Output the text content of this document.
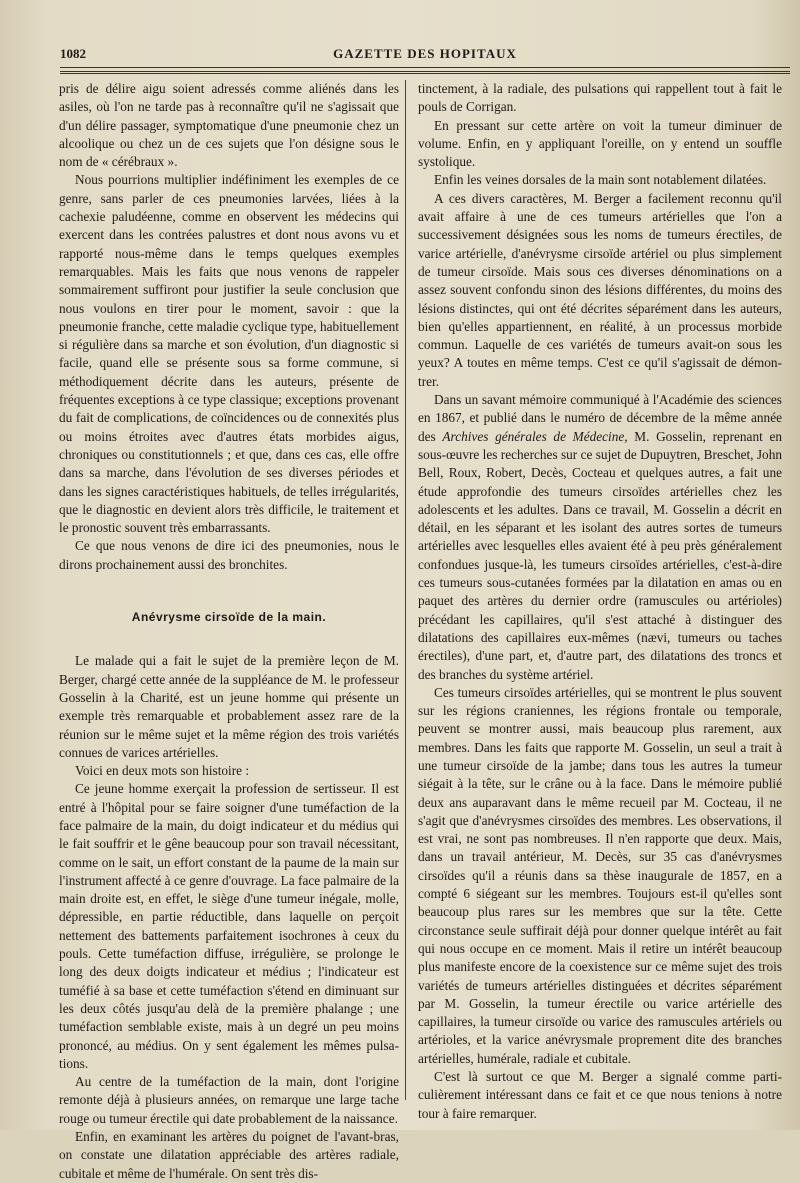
1082	GAZETTE DES HOPITAUX

pris de délire aigu soient adressés comme aliénés dans les asiles, où l'on ne tarde pas à reconnaître qu'il ne s'agissait que d'un délire passager, symptomatique d'une pneumonie chez un alcoolique ou chez un de ces sujets que l'on désigne sous le nom de « cérébraux ».

Nous pourrions multiplier indéfiniment les exemples de ce genre, sans parler de ces pneumonies larvées, liées à la cachexie paludéenne, comme en observent les médecins qui exercent dans les contrées palustres et dont nous avons vu et rapporté nous-même dans le temps quelques exemples remarquables. Mais les faits que nous venons de rappeler sommairement suffiront pour justifier la seule conclusion que nous voulons en tirer pour le moment, savoir : que la pneumonie franche, cette maladie cyclique type, habituellement si régulière dans sa marche et son évolution, d'un diagnostic si facile, quand elle se présente sous sa forme commune, si méthodiquement décrite dans les auteurs, présente de fréquentes exceptions à ce type classique; exceptions provenant du fait de complications, de coïncidences ou de connexités plus ou moins étroites avec d'autres états morbides aigus, chroniques ou constitutionnels ; et que, dans ces cas, elle offre dans sa marche, dans l'évolution de ses diverses périodes et dans les signes caractéristiques habituels, de telles irrégularités, que le diagnostic en devient alors très difficile, le traitement et le pronostic souvent très embarrassants.

Ce que nous venons de dire ici des pneumonies, nous le dirons prochainement aussi des bronchites.

Anévrysme cirsoïde de la main.

Le malade qui a fait le sujet de la première leçon de M. Berger, chargé cette année de la suppléance de M. le professeur Gosselin à la Charité, est un jeune homme qui présente un exemple très remarquable et probablement assez rare de la réunion sur le même sujet et la même région des trois variétés connues de varices artérielles.

Voici en deux mots son histoire :

Ce jeune homme exerçait la profession de sertisseur. Il est entré à l'hôpital pour se faire soigner d'une tuméfaction de la face palmaire de la main, du doigt indicateur et du médius qui le fait souffrir et le gêne beaucoup pour son travail nécessitant, comme on le sait, un effort constant de la paume de la main sur l'instrument affecté à ce genre d'ouvrage. La face palmaire de la main droite est, en effet, le siège d'une tumeur inégale, molle, dépressible, en partie réductible, dans laquelle on perçoit nettement des battements parfaitement isochrones à ceux du pouls. Cette tuméfaction diffuse, irrégulière, se prolonge le long des deux doigts indicateur et médius ; l'indicateur est tuméfié à sa base et cette tuméfaction s'étend en diminuant sur les deux côtés jusqu'au delà de la première phalange ; une tuméfaction semblable existe, mais à un degré un peu moins prononcé, au médius. On y sent également les mêmes pulsations.

Au centre de la tuméfaction de la main, dont l'origine remonte déjà à plusieurs années, on remarque une large tache rouge ou tumeur érectile qui date probablement de la naissance.

Enfin, en examinant les artères du poignet de l'avant-bras, on constate une dilatation appréciable des artères radiale, cubitale et même de l'humérale. On sent très dis-

tinctement, à la radiale, des pulsations qui rappellent tout à fait le pouls de Corrigan.

En pressant sur cette artère on voit la tumeur diminuer de volume. Enfin, en y appliquant l'oreille, on y entend un souffle systolique.

Enfin les veines dorsales de la main sont notablement dilatées.

A ces divers caractères, M. Berger a facilement reconnu qu'il avait affaire à une de ces tumeurs artérielles que l'on a successivement désignées sous les noms de tumeurs érectiles, de varice artérielle, d'anévrysme cirsoïde artériel ou plus simplement de tumeur cirsoïde. Mais sous ces diverses dénominations on a assez souvent confondu sinon des lésions différentes, du moins des lésions distinctes, qui ont été décrites séparément dans les auteurs, bien qu'elles appartiennent, en réalité, à un processus morbide commun. Laquelle de ces variétés de tumeurs avait-on sous les yeux? A toutes en même temps. C'est ce qu'il s'agissait de démontrer.

Dans un savant mémoire communiqué à l'Académie des sciences en 1867, et publié dans le numéro de décembre de la même année des Archives générales de Médecine, M. Gosselin, reprenant en sous-œuvre les recherches sur ce sujet de Dupuytren, Breschet, John Bell, Roux, Robert, Decès, Cocteau et quelques autres, a fait une étude approfondie des tumeurs cirsoïdes artérielles chez les adolescents et les adultes. Dans ce travail, M. Gosselin a décrit en détail, en les séparant et les isolant des autres sortes de tumeurs artérielles avec lesquelles elles avaient été à peu près généralement confondues jusque-là, les tumeurs cirsoïdes artérielles, c'est-à-dire ces tumeurs sous-cutanées formées par la dilatation en amas ou en paquet des artères du dernier ordre (ramuscules ou artérioles) précédant les capillaires, qu'il s'est attaché à distinguer des dilatations des capillaires eux-mêmes (nævi, tumeurs ou taches érectiles), d'une part, et, d'autre part, des dilatations des troncs et des branches du système artériel.

Ces tumeurs cirsoïdes artérielles, qui se montrent le plus souvent sur les régions craniennes, les régions frontale ou temporale, peuvent se montrer aussi, mais beaucoup plus rarement, aux membres. Dans les faits que rapporte M. Gosselin, un seul a trait à une tumeur cirsoïde de la jambe; dans tous les autres la tumeur siégait à la tête, sur le crâne ou à la face. Dans le mémoire publié deux ans auparavant dans le même recueil par M. Cocteau, il ne s'agit que d'anévrysmes cirsoïdes des membres. Les observations, il est vrai, ne sont pas nombreuses. Il n'en rapporte que deux. Mais, dans un travail antérieur, M. Decès, sur 35 cas d'anévrysmes cirsoïdes qu'il a réunis dans sa thèse inaugurale de 1857, en a compté 6 siégeant sur les membres. Toujours est-il qu'elles sont beaucoup plus rares sur les membres que sur la tête. Cette circonstance seule suffirait déjà pour donner quelque intérêt au fait qui nous occupe en ce moment. Mais il retire un intérêt beaucoup plus manifeste encore de la coexistence sur ce même sujet des trois variétés de tumeurs artérielles distinguées et décrites séparément par M. Gosselin, la tumeur érectile ou varice artérielle des capillaires, la tumeur cirsoïde ou varice des ramuscules artériels ou artérioles, et la varice anévrysmale proprement dite des branches artérielles, humérale, radiale et cubitale.

C'est là surtout ce que M. Berger a signalé comme particulièrement intéressant dans ce fait et ce que nous tenions à notre tour à faire remarquer.
